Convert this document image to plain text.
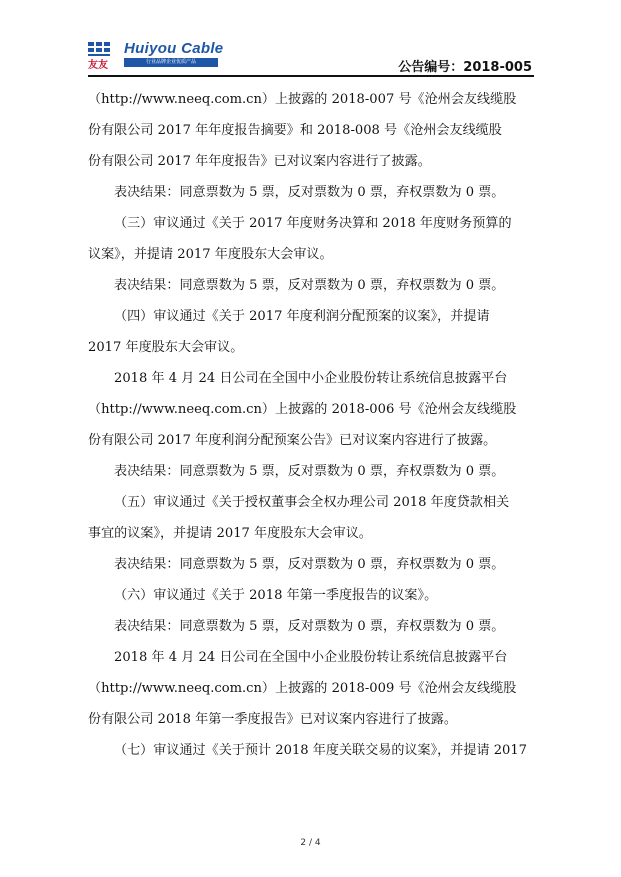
友友
Huiyou Cable
行业品牌企业优质产品	公告编号：2018-005
（http://www.neeq.com.cn）上披露的 2018-007 号《沧州会友线缆股
份有限公司 2017 年年度报告摘要》和 2018-008 号《沧州会友线缆股
份有限公司 2017 年年度报告》已对议案内容进行了披露。
表决结果：同意票数为 5 票，反对票数为 0 票，弃权票数为 0 票。
（三）审议通过《关于 2017 年度财务决算和 2018 年度财务预算的
议案》，并提请 2017 年度股东大会审议。
表决结果：同意票数为 5 票，反对票数为 0 票，弃权票数为 0 票。
（四）审议通过《关于 2017 年度利润分配预案的议案》，并提请
2017 年度股东大会审议。
2018 年 4 月 24 日公司在全国中小企业股份转让系统信息披露平台
（http://www.neeq.com.cn）上披露的 2018-006 号《沧州会友线缆股
份有限公司 2017 年度利润分配预案公告》已对议案内容进行了披露。
表决结果：同意票数为 5 票，反对票数为 0 票，弃权票数为 0 票。
（五）审议通过《关于授权董事会全权办理公司 2018 年度贷款相关
事宜的议案》，并提请 2017 年度股东大会审议。
表决结果：同意票数为 5 票，反对票数为 0 票，弃权票数为 0 票。
（六）审议通过《关于 2018 年第一季度报告的议案》。
表决结果：同意票数为 5 票，反对票数为 0 票，弃权票数为 0 票。
2018 年 4 月 24 日公司在全国中小企业股份转让系统信息披露平台
（http://www.neeq.com.cn）上披露的 2018-009 号《沧州会友线缆股
份有限公司 2018 年第一季度报告》已对议案内容进行了披露。
（七）审议通过《关于预计 2018 年度关联交易的议案》，并提请 2017
2 / 4
